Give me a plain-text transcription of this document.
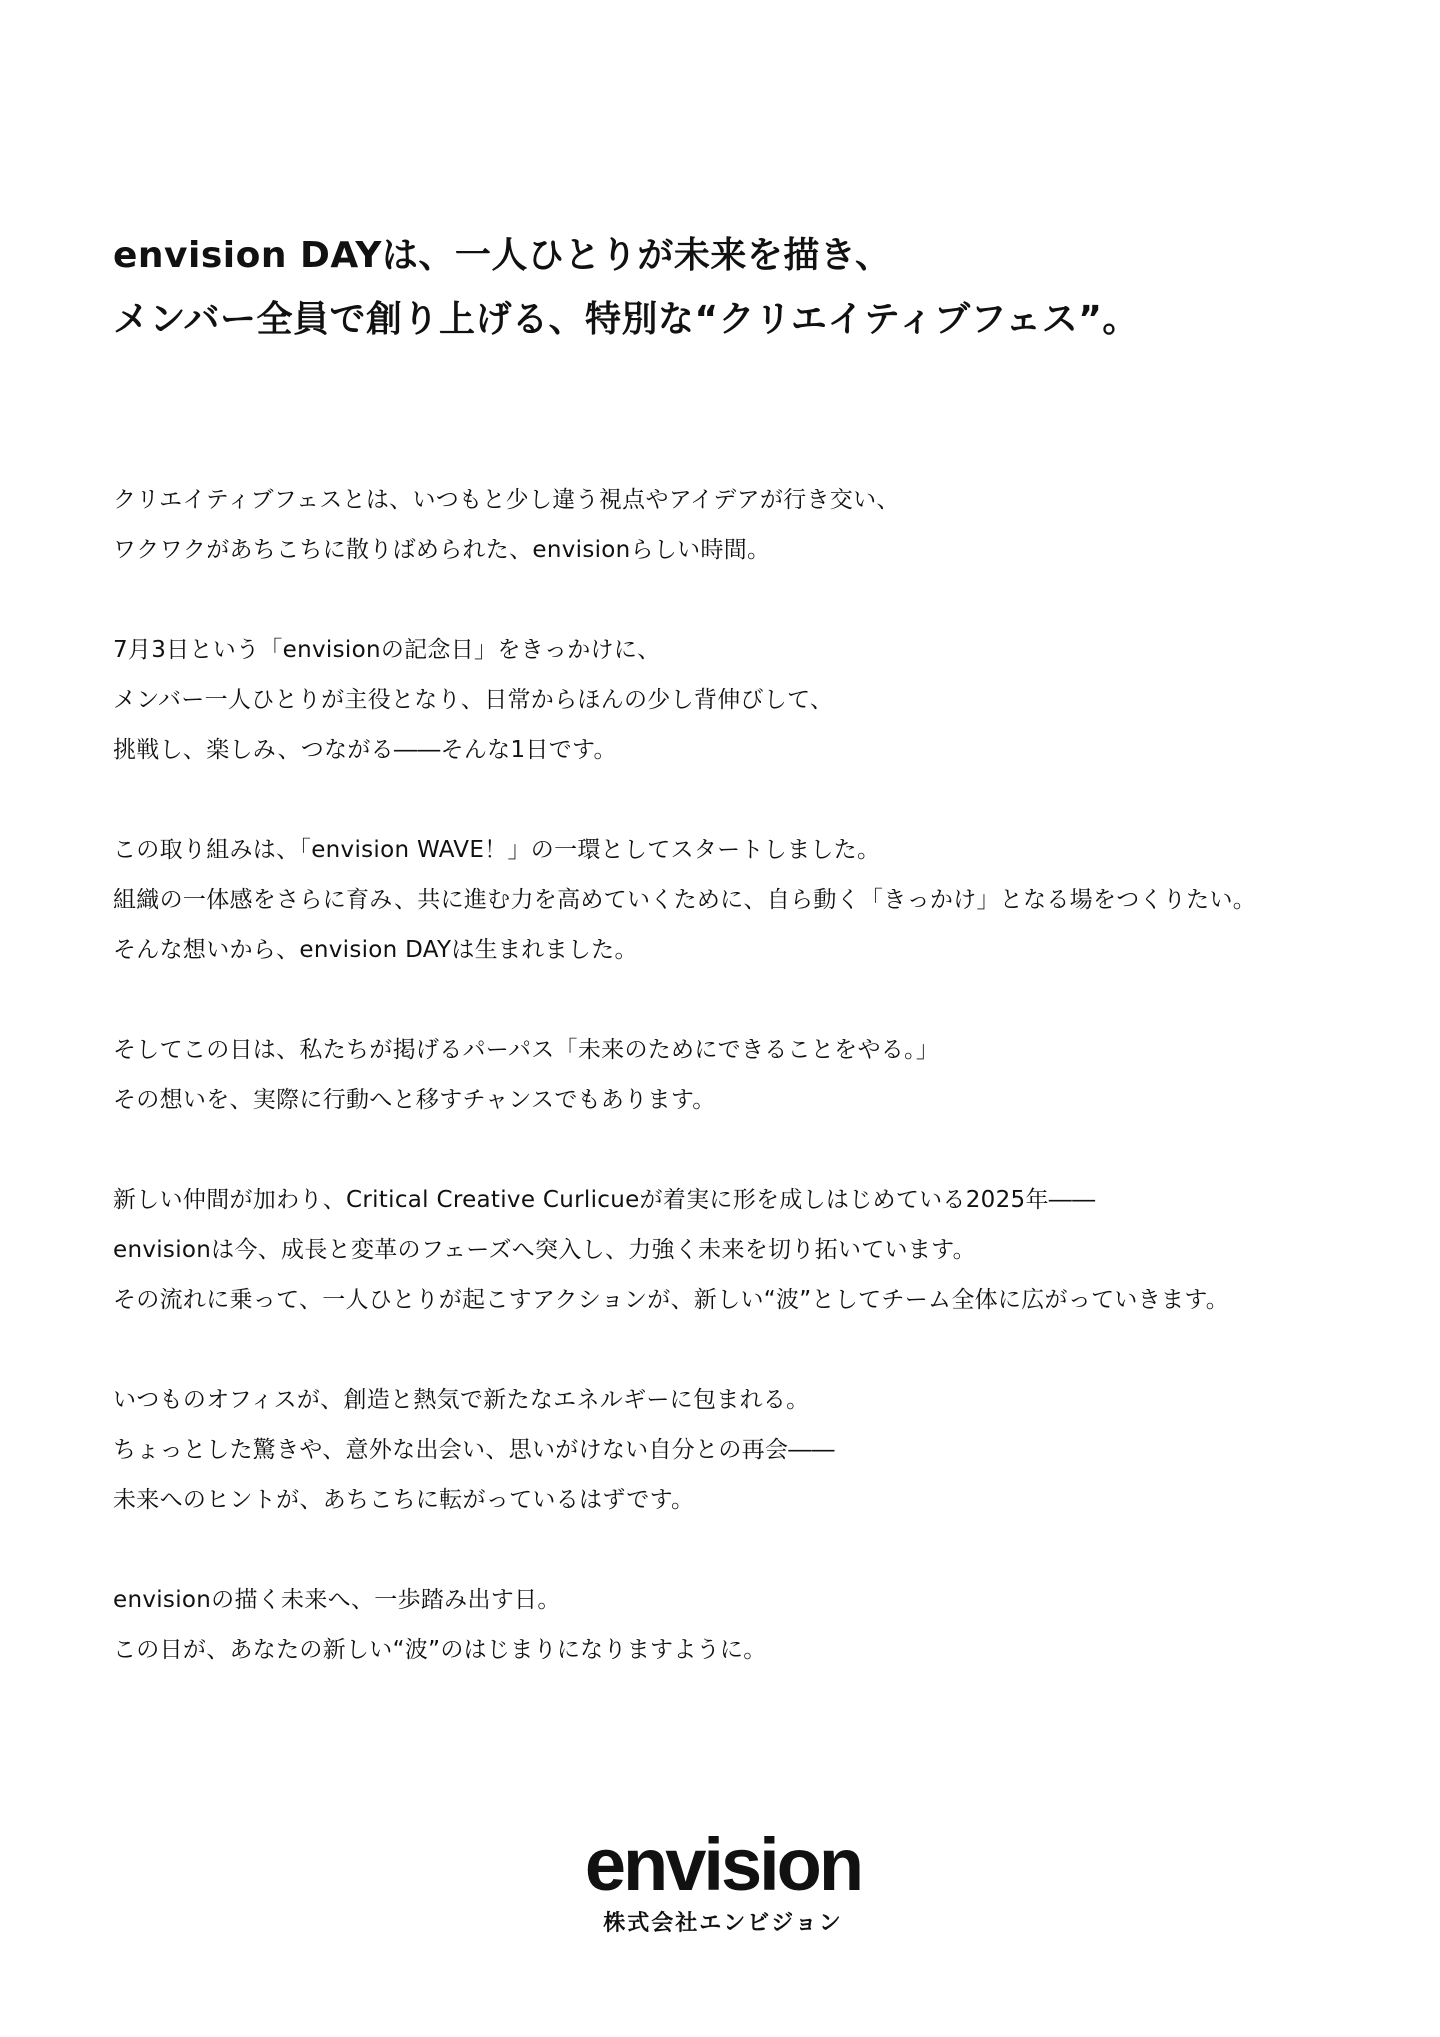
envision DAYは、一人ひとりが未来を描き、
メンバー全員で創り上げる、特別な“クリエイティブフェス”。

クリエイティブフェスとは、いつもと少し違う視点やアイデアが行き交い、
ワクワクがあちこちに散りばめられた、envisionらしい時間。

7月3日という「envisionの記念日」をきっかけに、
メンバー一人ひとりが主役となり、日常からほんの少し背伸びして、
挑戦し、楽しみ、つながる――そんな1日です。

この取り組みは、「envision WAVE！」の一環としてスタートしました。
組織の一体感をさらに育み、共に進む力を高めていくために、自ら動く「きっかけ」となる場をつくりたい。
そんな想いから、envision DAYは生まれました。

そしてこの日は、私たちが掲げるパーパス「未来のためにできることをやる。」
その想いを、実際に行動へと移すチャンスでもあります。

新しい仲間が加わり、Critical Creative Curlicueが着実に形を成しはじめている2025年――
envisionは今、成長と変革のフェーズへ突入し、力強く未来を切り拓いています。
その流れに乗って、一人ひとりが起こすアクションが、新しい“波”としてチーム全体に広がっていきます。

いつものオフィスが、創造と熱気で新たなエネルギーに包まれる。
ちょっとした驚きや、意外な出会い、思いがけない自分との再会――
未来へのヒントが、あちこちに転がっているはずです。

envisionの描く未来へ、一歩踏み出す日。
この日が、あなたの新しい“波”のはじまりになりますように。

envision
株式会社エンビジョン
